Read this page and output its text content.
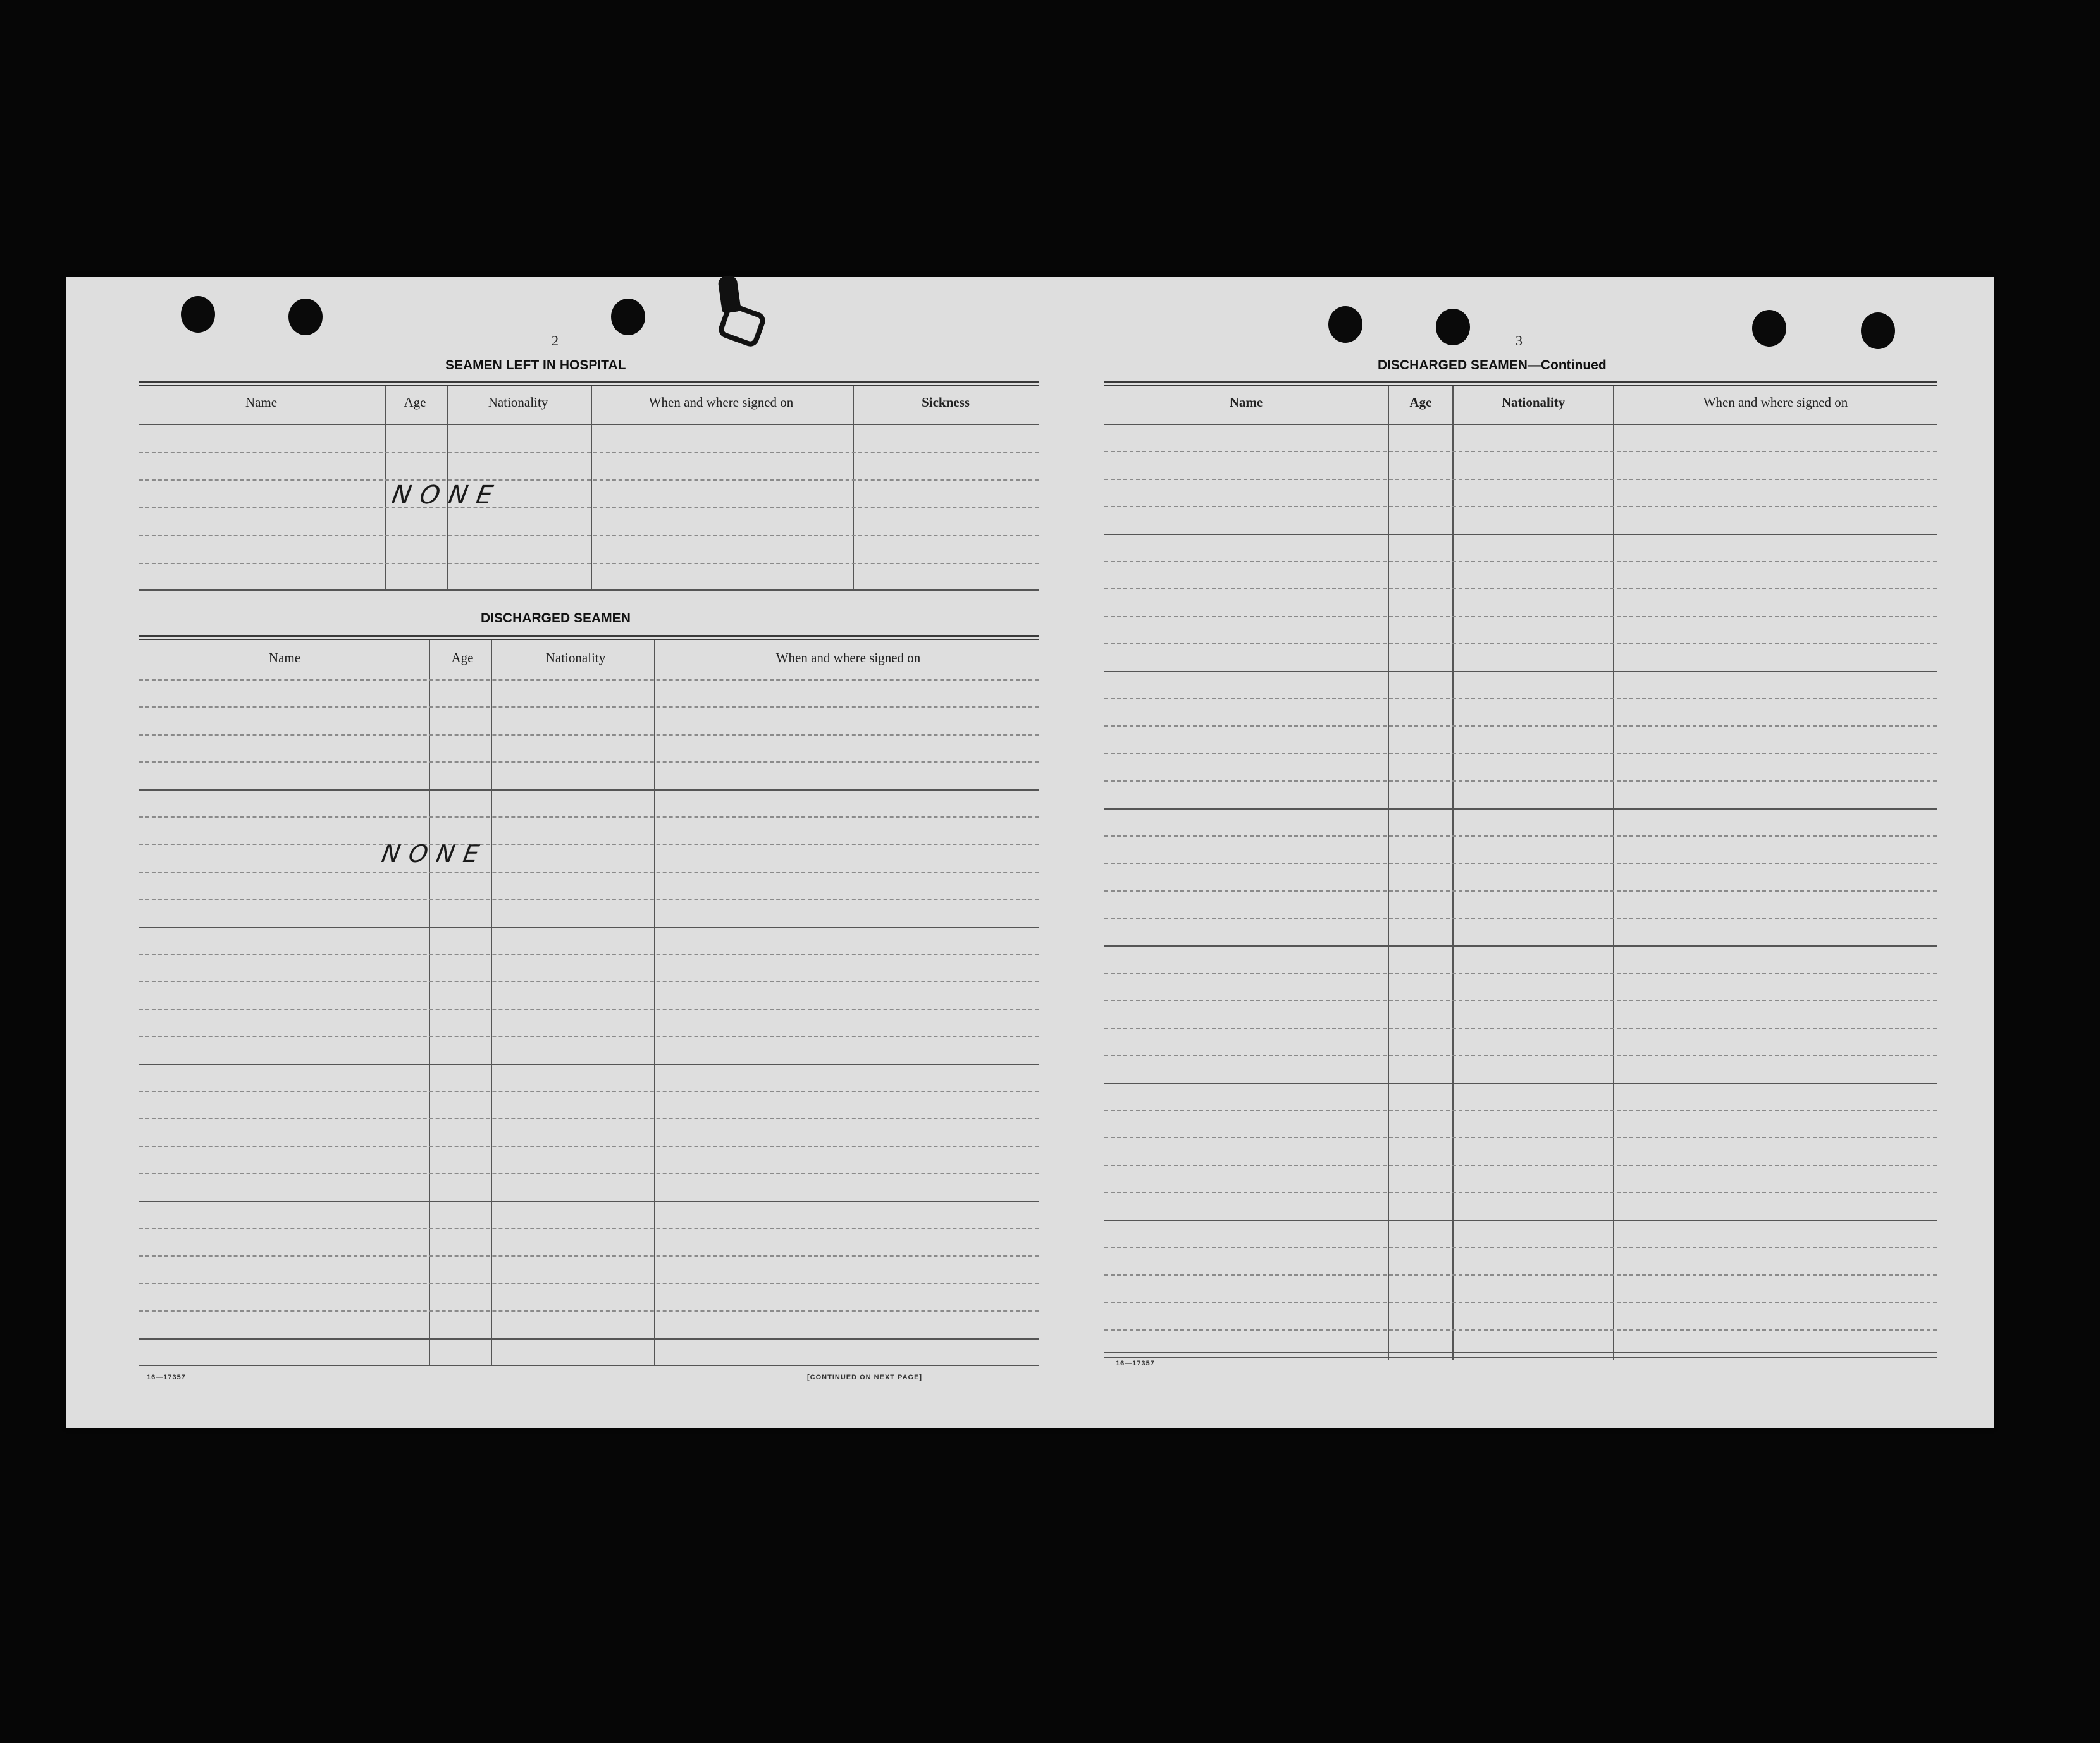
2
SEAMEN LEFT IN HOSPITAL
Name	Age	Nationality	When and where signed on	Sickness
NONE
DISCHARGED SEAMEN
Name	Age	Nationality	When and where signed on
NONE
16—17357	[CONTINUED ON NEXT PAGE]
3
DISCHARGED SEAMEN—Continued
Name	Age	Nationality	When and where signed on
16—17357
